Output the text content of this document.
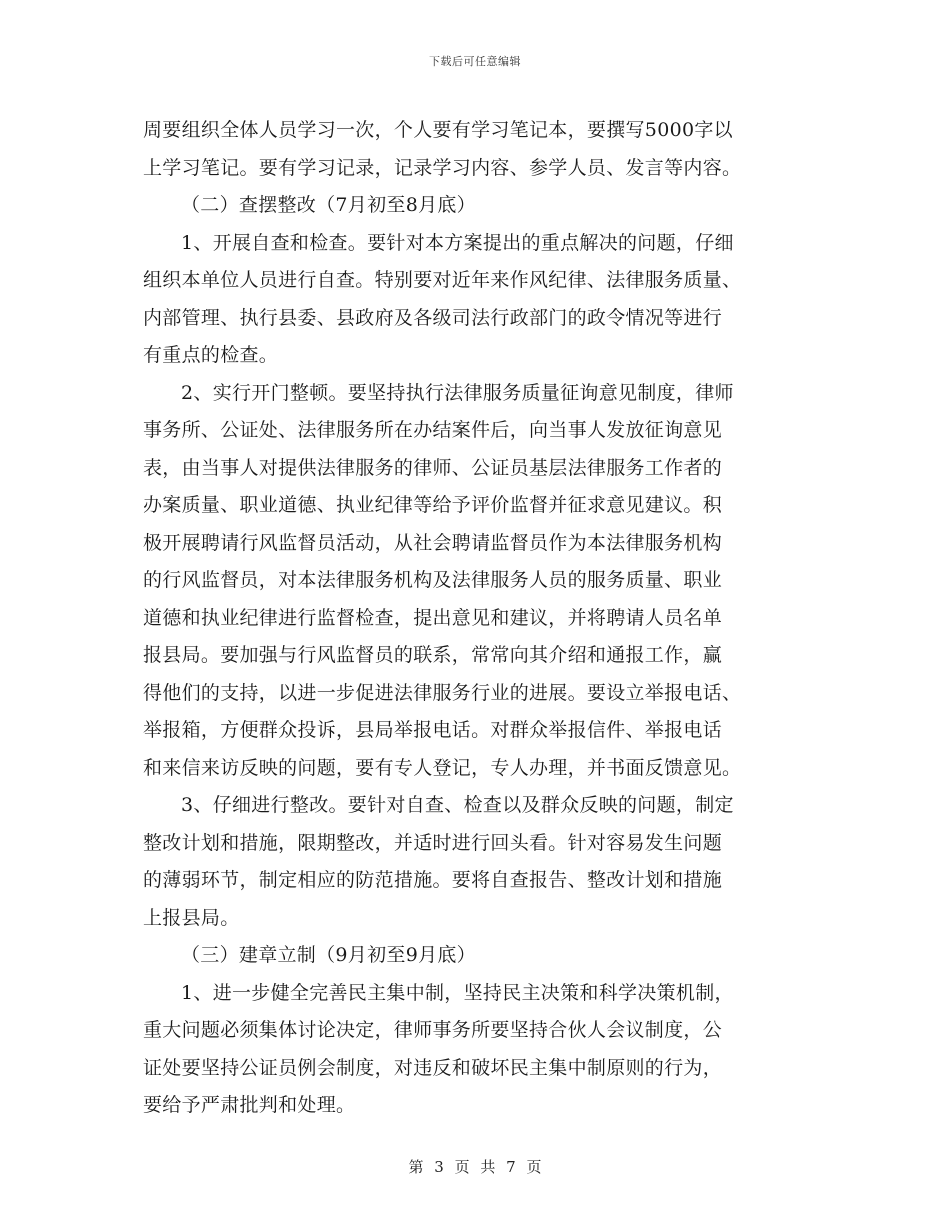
下载后可任意编辑
周要组织全体人员学习一次，个人要有学习笔记本，要撰写5000字以
上学习笔记。要有学习记录，记录学习内容、参学人员、发言等内容。
（二）查摆整改（7月初至8月底）
1、开展自查和检查。要针对本方案提出的重点解决的问题，仔细
组织本单位人员进行自查。特别要对近年来作风纪律、法律服务质量、
内部管理、执行县委、县政府及各级司法行政部门的政令情况等进行
有重点的检查。
2、实行开门整顿。要坚持执行法律服务质量征询意见制度，律师
事务所、公证处、法律服务所在办结案件后，向当事人发放征询意见
表，由当事人对提供法律服务的律师、公证员基层法律服务工作者的
办案质量、职业道德、执业纪律等给予评价监督并征求意见建议。积
极开展聘请行风监督员活动，从社会聘请监督员作为本法律服务机构
的行风监督员，对本法律服务机构及法律服务人员的服务质量、职业
道德和执业纪律进行监督检查，提出意见和建议，并将聘请人员名单
报县局。要加强与行风监督员的联系，常常向其介绍和通报工作，赢
得他们的支持，以进一步促进法律服务行业的进展。要设立举报电话、
举报箱，方便群众投诉，县局举报电话。对群众举报信件、举报电话
和来信来访反映的问题，要有专人登记，专人办理，并书面反馈意见。
3、仔细进行整改。要针对自查、检查以及群众反映的问题，制定
整改计划和措施，限期整改，并适时进行回头看。针对容易发生问题
的薄弱环节，制定相应的防范措施。要将自查报告、整改计划和措施
上报县局。
（三）建章立制（9月初至9月底）
1、进一步健全完善民主集中制，坚持民主决策和科学决策机制，
重大问题必须集体讨论决定，律师事务所要坚持合伙人会议制度，公
证处要坚持公证员例会制度，对违反和破坏民主集中制原则的行为，
要给予严肃批判和处理。
第 3 页 共 7 页
